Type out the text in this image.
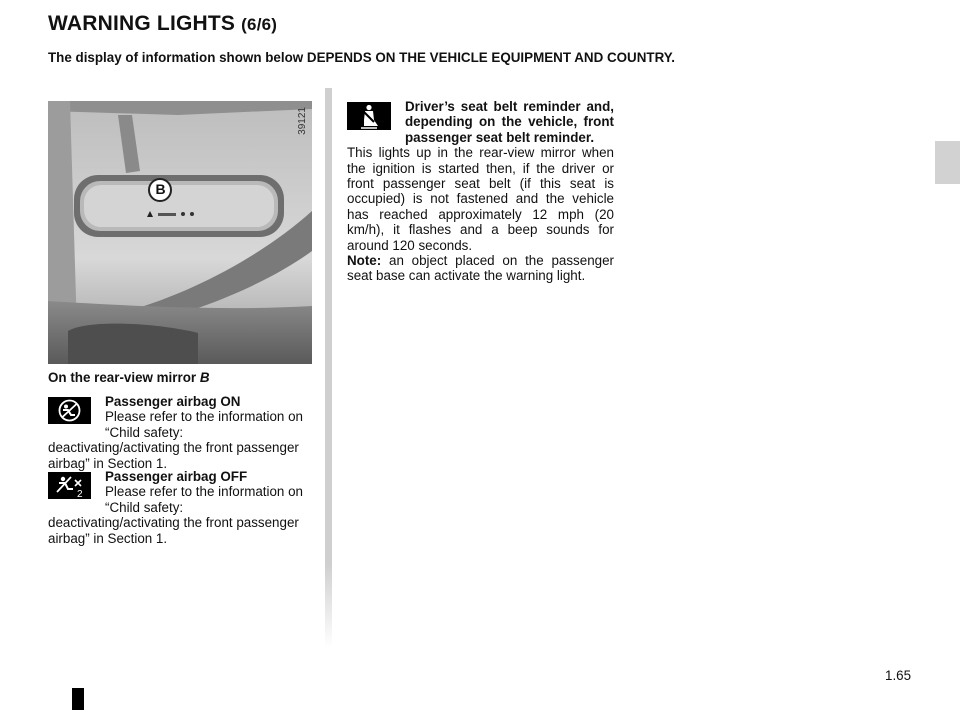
WARNING LIGHTS (6/6)
The display of information shown below DEPENDS ON THE VEHICLE EQUIPMENT AND COUNTRY.
B
39121
On the rear-view mirror B
Passenger airbag ON
Please refer to the information on “Child safety: deactivating/activating the front passenger airbag” in Section 1.
2
Passenger airbag OFF
Please refer to the information on “Child safety: deactivating/activating the front passenger airbag” in Section 1.

Driver’s seat belt reminder and, depending on the vehicle, front passenger seat belt reminder.

This lights up in the rear-view mirror when the ignition is started then, if the driver or front passenger seat belt (if this seat is occupied) is not fastened and the vehicle has reached approximately 12 mph (20 km/h), it flashes and a beep sounds for around 120 seconds.

Note: an object placed on the passenger seat base can activate the warning light.

1.65
